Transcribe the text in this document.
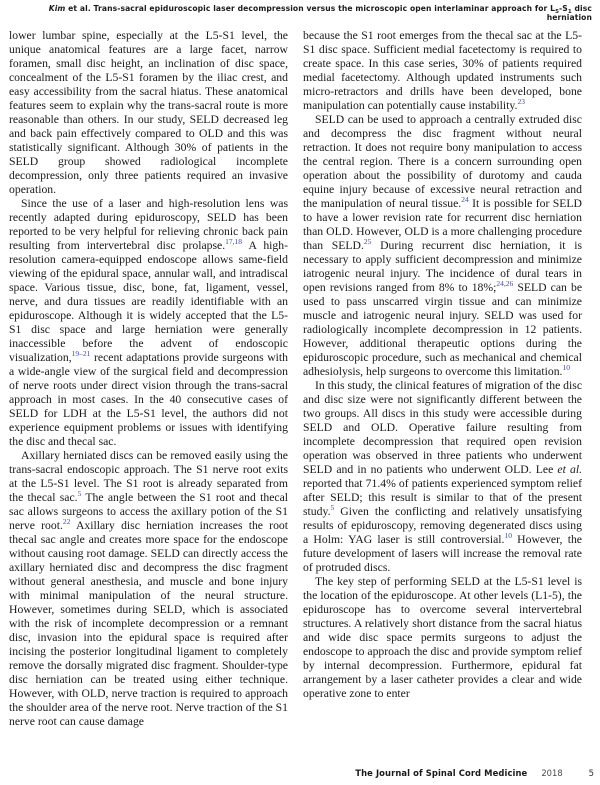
Kim et al. Trans-sacral epiduroscopic laser decompression versus the microscopic open interlaminar approach for $L_5-S_1$ disc herniation

lower lumbar spine, especially at the L5-S1 level, the unique anatomical features are a large facet, narrow foramen, small disc height, an inclination of disc space, concealment of the L5-S1 foramen by the iliac crest, and easy accessibility from the sacral hiatus. These anatomical features seem to explain why the trans-sacral route is more reasonable than others. In our study, SELD decreased leg and back pain effectively compared to OLD and this was statistically significant. Although 30% of patients in the SELD group showed radiological incomplete decompression, only three patients required an invasive operation.

Since the use of a laser and high-resolution lens was recently adapted during epiduroscopy, SELD has been reported to be very helpful for relieving chronic back pain resulting from intervertebral disc prolapse.$^{17,18}$ A high-resolution camera-equipped endoscope allows same-field viewing of the epidural space, annular wall, and intradiscal space. Various tissue, disc, bone, fat, ligament, vessel, nerve, and dura tissues are readily identifiable with an epiduroscope. Although it is widely accepted that the L5-S1 disc space and large herniation were generally inaccessible before the advent of endoscopic visualization,$^{19-21}$ recent adaptations provide surgeons with a wide-angle view of the surgical field and decompression of nerve roots under direct vision through the trans-sacral approach in most cases. In the 40 consecutive cases of SELD for LDH at the L5-S1 level, the authors did not experience equipment problems or issues with identifying the disc and thecal sac.

Axillary herniated discs can be removed easily using the trans-sacral endoscopic approach. The S1 nerve root exits at the L5-S1 level. The S1 root is already separated from the thecal sac.$^5$ The angle between the S1 root and thecal sac allows surgeons to access the axillary potion of the S1 nerve root.$^{22}$ Axillary disc herniation increases the root thecal sac angle and creates more space for the endoscope without causing root damage. SELD can directly access the axillary herniated disc and decompress the disc fragment without general anesthesia, and muscle and bone injury with minimal manipulation of the neural structure. However, sometimes during SELD, which is associated with the risk of incomplete decompression or a remnant disc, invasion into the epidural space is required after incising the posterior longitudinal ligament to completely remove the dorsally migrated disc fragment. Shoulder-type disc herniation can be treated using either technique. However, with OLD, nerve traction is required to approach the shoulder area of the nerve root. Nerve traction of the S1 nerve root can cause damage

because the S1 root emerges from the thecal sac at the L5-S1 disc space. Sufficient medial facetectomy is required to create space. In this case series, 30% of patients required medial facetectomy. Although updated instruments such micro-retractors and drills have been developed, bone manipulation can potentially cause instability.$^{23}$

SELD can be used to approach a centrally extruded disc and decompress the disc fragment without neural retraction. It does not require bony manipulation to access the central region. There is a concern surrounding open operation about the possibility of durotomy and cauda equine injury because of excessive neural retraction and the manipulation of neural tissue.$^{24}$ It is possible for SELD to have a lower revision rate for recurrent disc herniation than OLD. However, OLD is a more challenging procedure than SELD.$^{25}$ During recurrent disc herniation, it is necessary to apply sufficient decompression and minimize iatrogenic neural injury. The incidence of dural tears in open revisions ranged from 8% to 18%;$^{24,26}$ SELD can be used to pass unscarred virgin tissue and can minimize muscle and iatrogenic neural injury. SELD was used for radiologically incomplete decompression in 12 patients. However, additional therapeutic options during the epiduroscopic procedure, such as mechanical and chemical adhesiolysis, help surgeons to overcome this limitation.$^{10}$

In this study, the clinical features of migration of the disc and disc size were not significantly different between the two groups. All discs in this study were accessible during SELD and OLD. Operative failure resulting from incomplete decompression that required open revision operation was observed in three patients who underwent SELD and in no patients who underwent OLD. Lee et al. reported that 71.4% of patients experienced symptom relief after SELD; this result is similar to that of the present study.$^5$ Given the conflicting and relatively unsatisfying results of epiduroscopy, removing degenerated discs using a Holm: YAG laser is still controversial.$^{10}$ However, the future development of lasers will increase the removal rate of protruded discs.

The key step of performing SELD at the L5-S1 level is the location of the epiduroscope. At other levels (L1-5), the epiduroscope has to overcome several intervertebral structures. A relatively short distance from the sacral hiatus and wide disc space permits surgeons to adjust the endoscope to approach the disc and provide symptom relief by internal decompression. Furthermore, epidural fat arrangement by a laser catheter provides a clear and wide operative zone to enter

The Journal of Spinal Cord Medicine 2018	5
